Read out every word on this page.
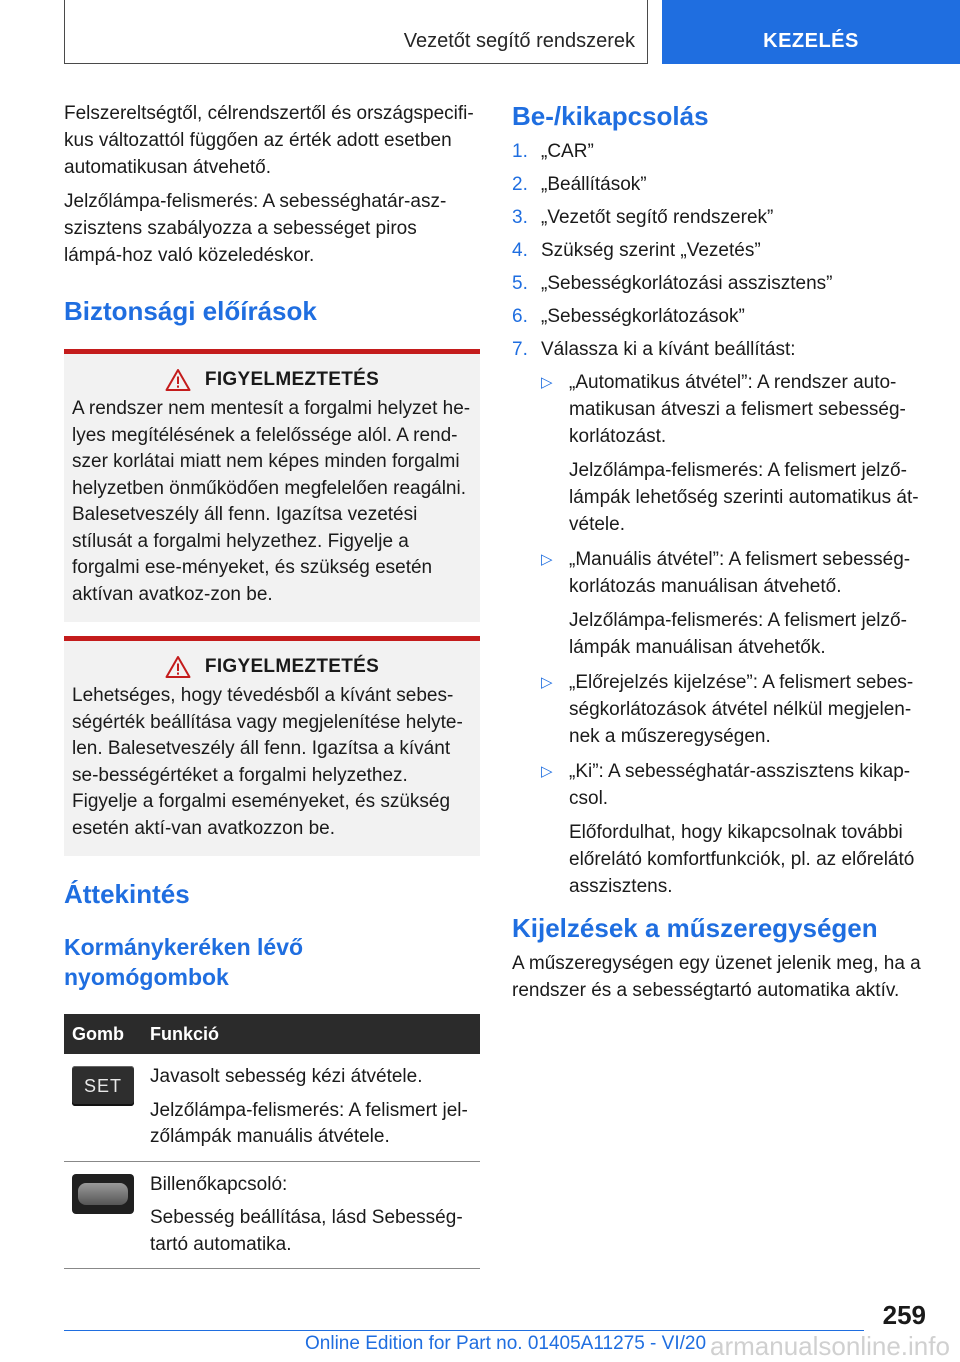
Vezetőt segítő rendszerek	KEZELÉS

Felszereltségtől, célrendszertől és országspecifi-kus változattól függően az érték adott esetben automatikusan átvehető.

Jelzőlámpa-felismerés: A sebességhatár-asz-szisztens szabályozza a sebességet piros lámpá-hoz való közeledéskor.

Biztonsági előírások
FIGYELMEZTETÉS

A rendszer nem mentesít a forgalmi helyzet he-lyes megítélésének a felelőssége alól. A rend-szer korlátai miatt nem képes minden forgalmi helyzetben önműködően megfelelően reagálni. Balesetveszély áll fenn. Igazítsa vezetési stílusát a forgalmi helyzethez. Figyelje a forgalmi ese-ményeket, és szükség esetén aktívan avatkoz-zon be.

FIGYELMEZTETÉS

Lehetséges, hogy tévedésből a kívánt sebes-ségérték beállítása vagy megjelenítése helyte-len. Balesetveszély áll fenn. Igazítsa a kívánt se-bességértéket a forgalmi helyzethez. Figyelje a forgalmi eseményeket, és szükség esetén aktí-van avatkozzon be.

Áttekintés
Kormánykeréken lévő nyomógombok
Gomb	Funkció

SET	Javasolt sebesség kézi átvétele.

Jelzőlámpa-felismerés: A felismert jel-zőlámpák manuális átvétele.

	Billenőkapcsoló:

Sebesség beállítása, lásd Sebesség-tartó automatika.

Be-/kikapcsolás
1. „CAR”
2. „Beállítások”
3. „Vezetőt segítő rendszerek”
4. Szükség szerint „Vezetés”
5. „Sebességkorlátozási asszisztens”
6. „Sebességkorlátozások”
7. Válassza ki a kívánt beállítást:
▷ „Automatikus átvétel”: A rendszer auto-matikusan átveszi a felismert sebesség-korlátozást.

Jelzőlámpa-felismerés: A felismert jelző-lámpák lehetőség szerinti automatikus át-vétele.

▷ „Manuális átvétel”: A felismert sebesség-korlátozás manuálisan átvehető.

Jelzőlámpa-felismerés: A felismert jelző-lámpák manuálisan átvehetők.

▷ „Előrejelzés kijelzése”: A felismert sebes-ségkorlátozások átvétel nélkül megjelen-nek a műszeregységen.

▷ „Ki”: A sebességhatár-asszisztens kikap-csol.

Előfordulhat, hogy kikapcsolnak további előrelátó komfortfunkciók, pl. az előrelátó asszisztens.

Kijelzések a műszeregységen

A műszeregységen egy üzenet jelenik meg, ha a rendszer és a sebességtartó automatika aktív.

259
Online Edition for Part no. 01405A11275 - VI/20 armanualsonline.info
